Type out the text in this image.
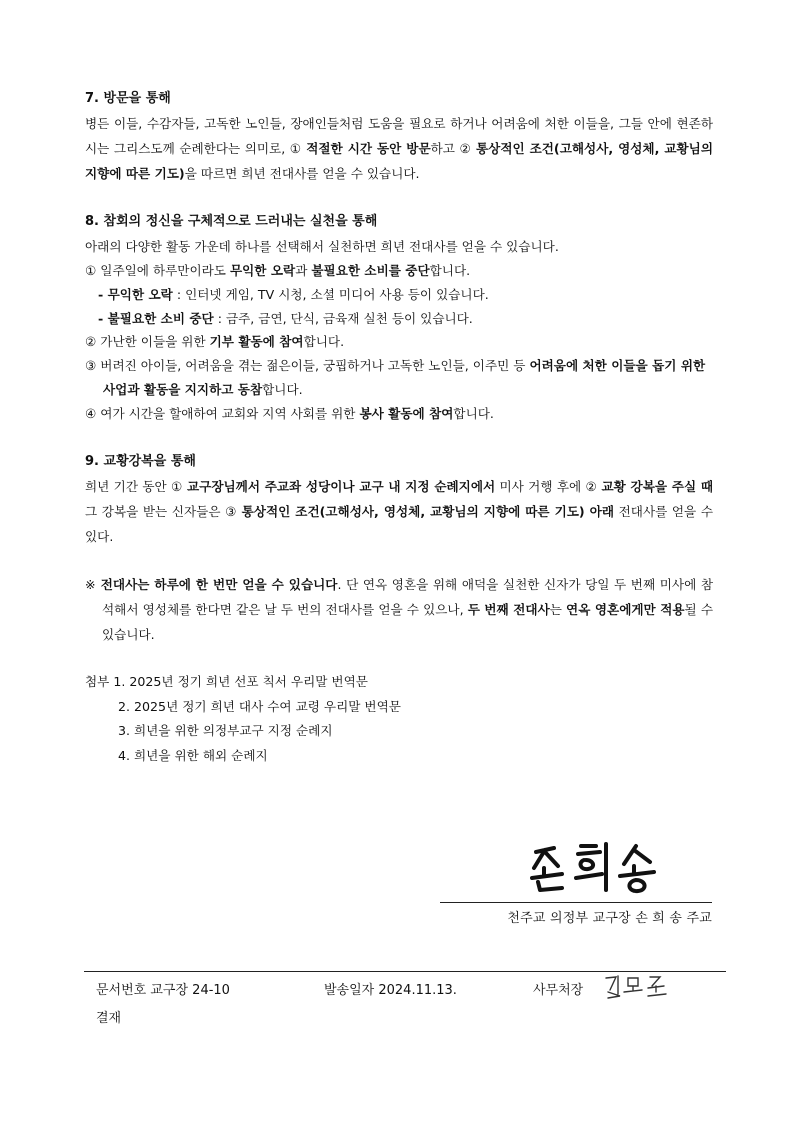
7. 방문을 통해

병든 이들, 수감자들, 고독한 노인들, 장애인들처럼 도움을 필요로 하거나 어려움에 처한 이들을, 그들 안에 현존하시는 그리스도께 순례한다는 의미로, ① 적절한 시간 동안 방문하고 ② 통상적인 조건(고해성사, 영성체, 교황님의 지향에 따른 기도)을 따르면 희년 전대사를 얻을 수 있습니다.

8. 참회의 정신을 구체적으로 드러내는 실천을 통해

아래의 다양한 활동 가운데 하나를 선택해서 실천하면 희년 전대사를 얻을 수 있습니다.
① 일주일에 하루만이라도 무익한 오락과 불필요한 소비를 중단합니다.
- 무익한 오락 : 인터넷 게임, TV 시청, 소셜 미디어 사용 등이 있습니다.
- 불필요한 소비 중단 : 금주, 금연, 단식, 금육재 실천 등이 있습니다.
② 가난한 이들을 위한 기부 활동에 참여합니다.
③ 버려진 아이들, 어려움을 겪는 젊은이들, 궁핍하거나 고독한 노인들, 이주민 등 어려움에 처한 이들을 돕기 위한 사업과 활동을 지지하고 동참합니다.
④ 여가 시간을 할애하여 교회와 지역 사회를 위한 봉사 활동에 참여합니다.

9. 교황강복을 통해

희년 기간 동안 ① 교구장님께서 주교좌 성당이나 교구 내 지정 순례지에서 미사 거행 후에 ② 교황 강복을 주실 때 그 강복을 받는 신자들은 ③ 통상적인 조건(고해성사, 영성체, 교황님의 지향에 따른 기도) 아래 전대사를 얻을 수 있다.

※ 전대사는 하루에 한 번만 얻을 수 있습니다. 단 연옥 영혼을 위해 애덕을 실천한 신자가 당일 두 번째 미사에 참석해서 영성체를 한다면 같은 날 두 번의 전대사를 얻을 수 있으나, 두 번째 전대사는 연옥 영혼에게만 적용될 수 있습니다.

첨부 1. 2025년 정기 희년 선포 칙서 우리말 번역문
2. 2025년 정기 희년 대사 수여 교령 우리말 번역문
3. 희년을 위한 의정부교구 지정 순례지
4. 희년을 위한 해외 순례지
천주교 의정부 교구장 손 희 송 주교
문서번호 교구장 24-10	발송일자 2024.11.13.	사무처장
결재
